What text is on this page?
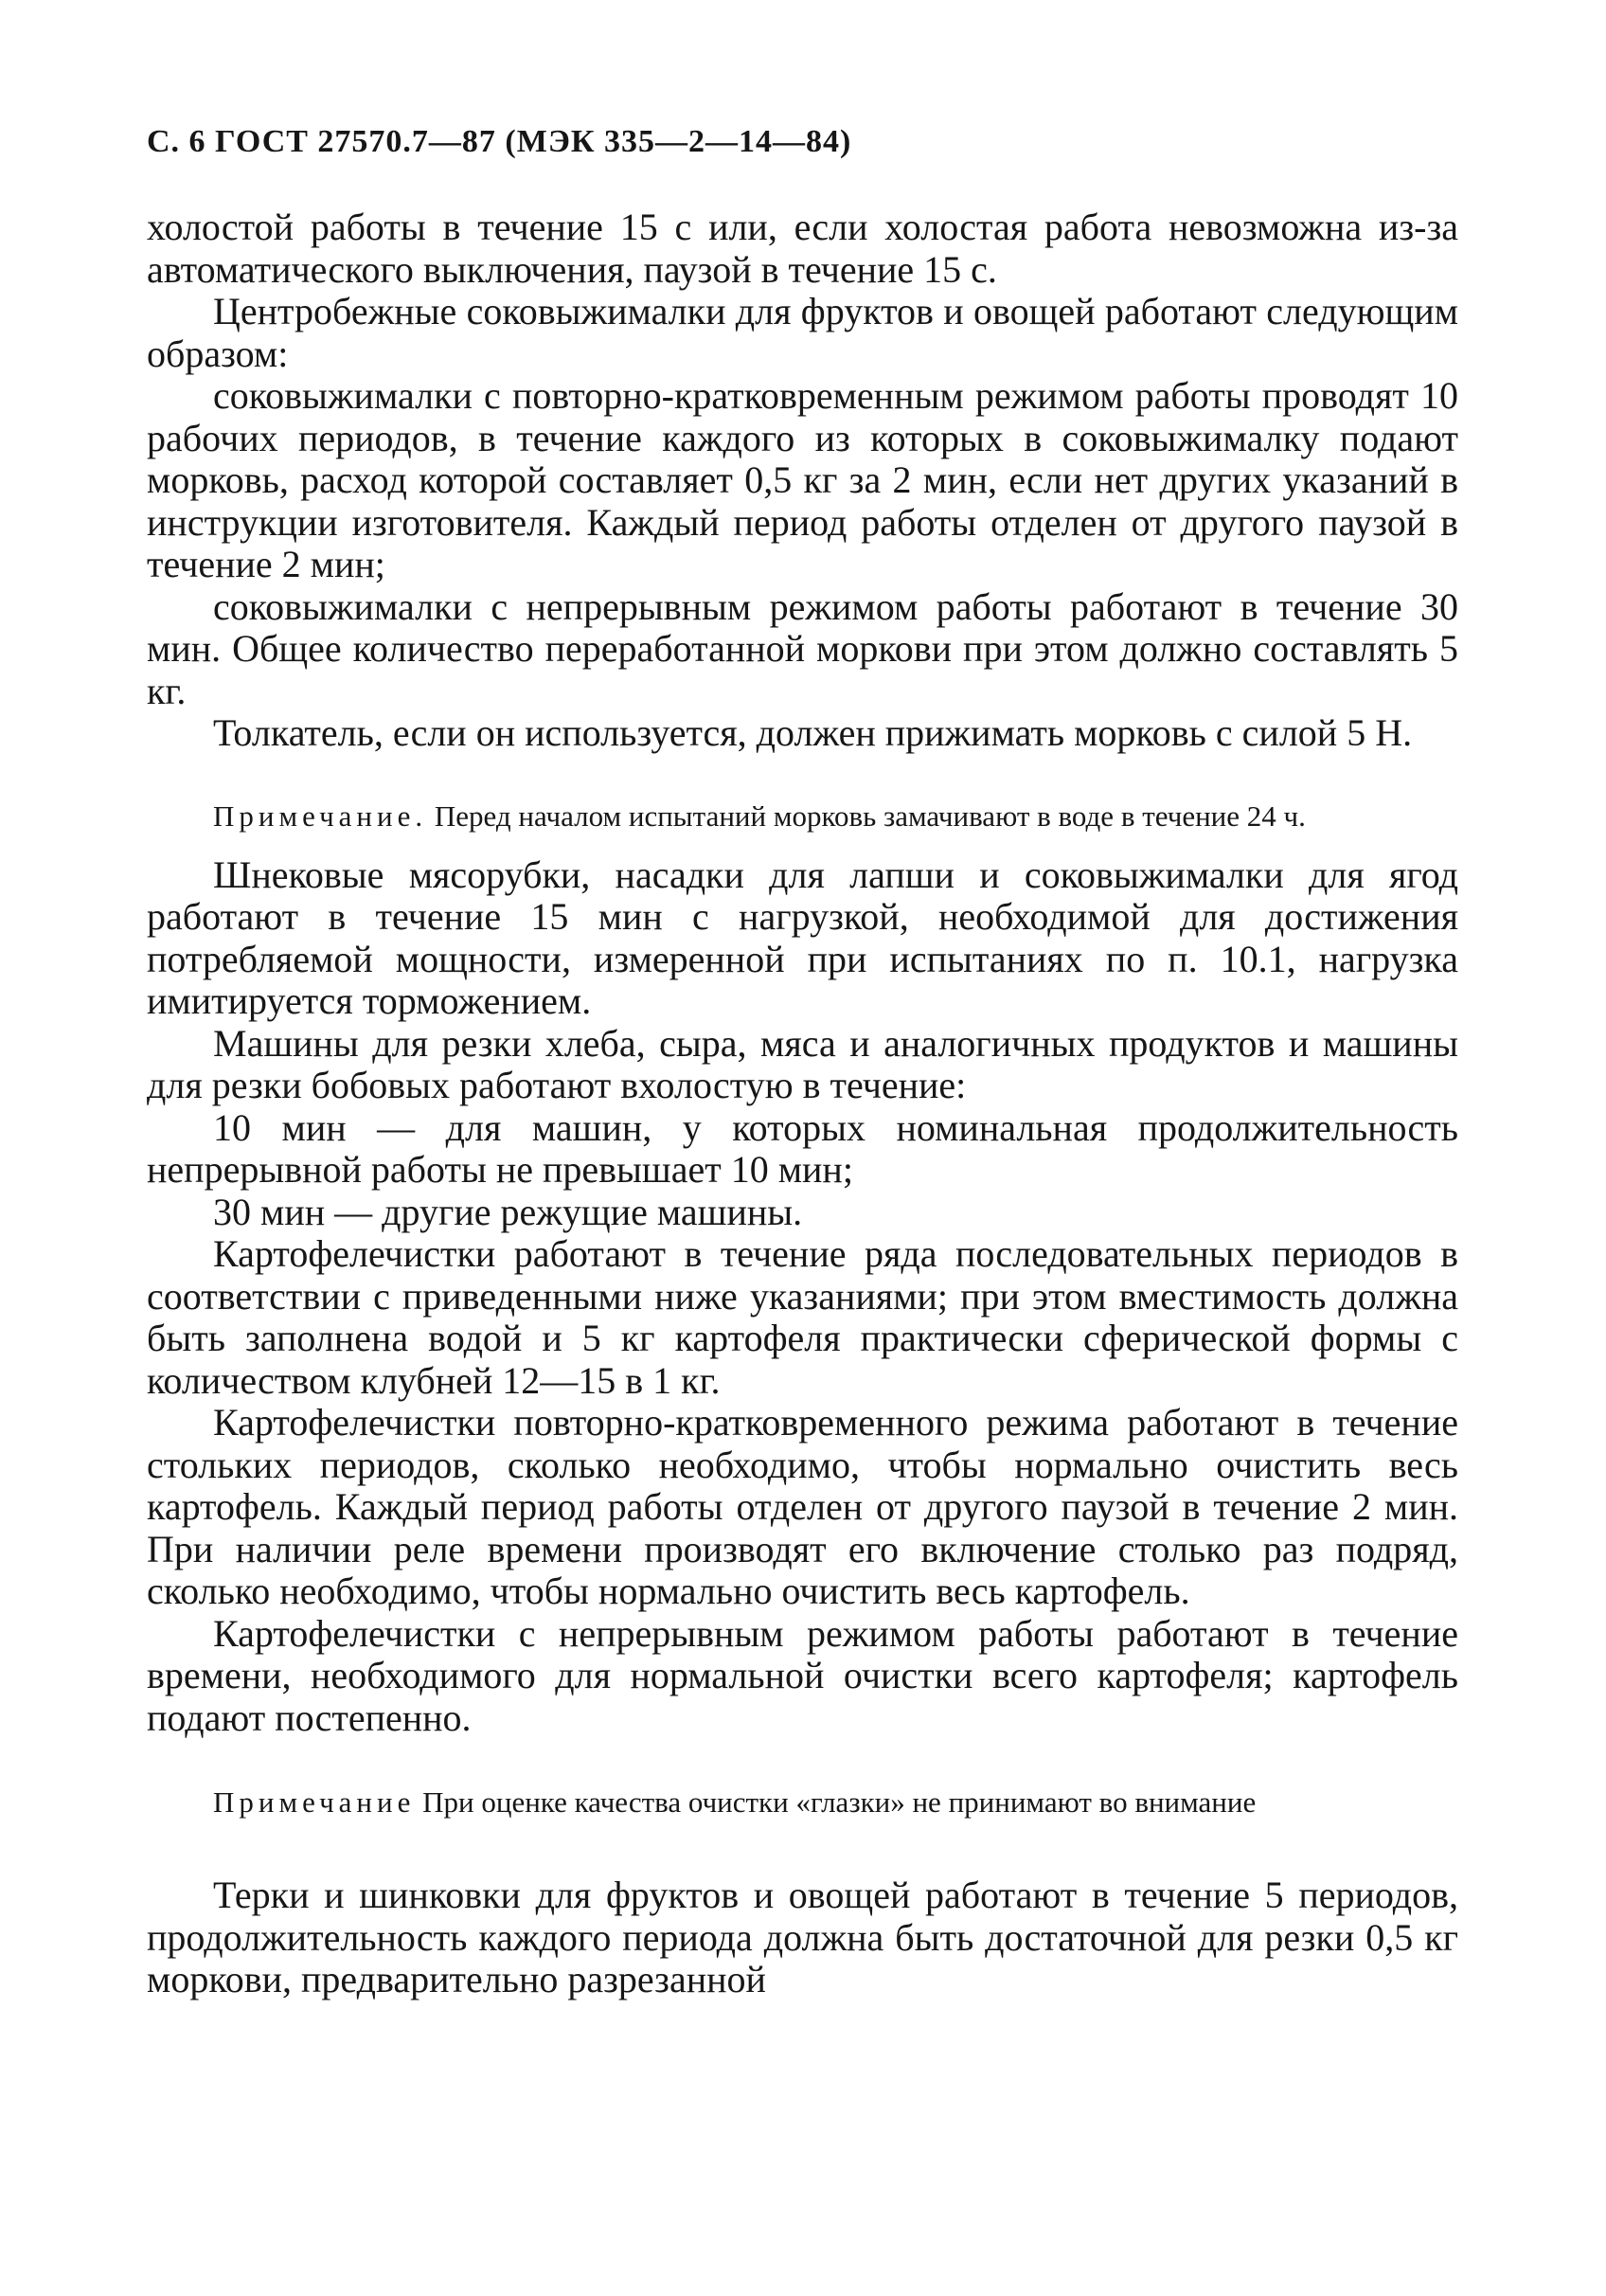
С. 6 ГОСТ 27570.7—87 (МЭК 335—2—14—84)

холостой работы в течение 15 с или, если холостая работа невозможна из-за автоматического выключения, паузой в течение 15 с.

Центробежные соковыжималки для фруктов и овощей работают следующим образом:

соковыжималки с повторно-кратковременным режимом работы проводят 10 рабочих периодов, в течение каждого из которых в соковыжималку подают морковь, расход которой составляет 0,5 кг за 2 мин, если нет других указаний в инструкции изготовителя. Каждый период работы отделен от другого паузой в течение 2 мин;

соковыжималки с непрерывным режимом работы работают в течение 30 мин. Общее количество переработанной моркови при этом должно составлять 5 кг.

Толкатель, если он используется, должен прижимать морковь с силой 5 Н.

Примечание. Перед началом испытаний морковь замачивают в воде в течение 24 ч.

Шнековые мясорубки, насадки для лапши и соковыжималки для ягод работают в течение 15 мин с нагрузкой, необходимой для достижения потребляемой мощности, измеренной при испытаниях по п. 10.1, нагрузка имитируется торможением.

Машины для резки хлеба, сыра, мяса и аналогичных продуктов и машины для резки бобовых работают вхолостую в течение:

10 мин — для машин, у которых номинальная продолжительность непрерывной работы не превышает 10 мин;

30 мин — другие режущие машины.

Картофелечистки работают в течение ряда последовательных периодов в соответствии с приведенными ниже указаниями; при этом вместимость должна быть заполнена водой и 5 кг картофеля практически сферической формы с количеством клубней 12—15 в 1 кг.

Картофелечистки повторно-кратковременного режима работают в течение стольких периодов, сколько необходимо, чтобы нормально очистить весь картофель. Каждый период работы отделен от другого паузой в течение 2 мин. При наличии реле времени производят его включение столько раз подряд, сколько необходимо, чтобы нормально очистить весь картофель.

Картофелечистки с непрерывным режимом работы работают в течение времени, необходимого для нормальной очистки всего картофеля; картофель подают постепенно.

Примечание При оценке качества очистки «глазки» не принимают во внимание

Терки и шинковки для фруктов и овощей работают в течение 5 периодов, продолжительность каждого периода должна быть достаточной для резки 0,5 кг моркови, предварительно разрезанной
